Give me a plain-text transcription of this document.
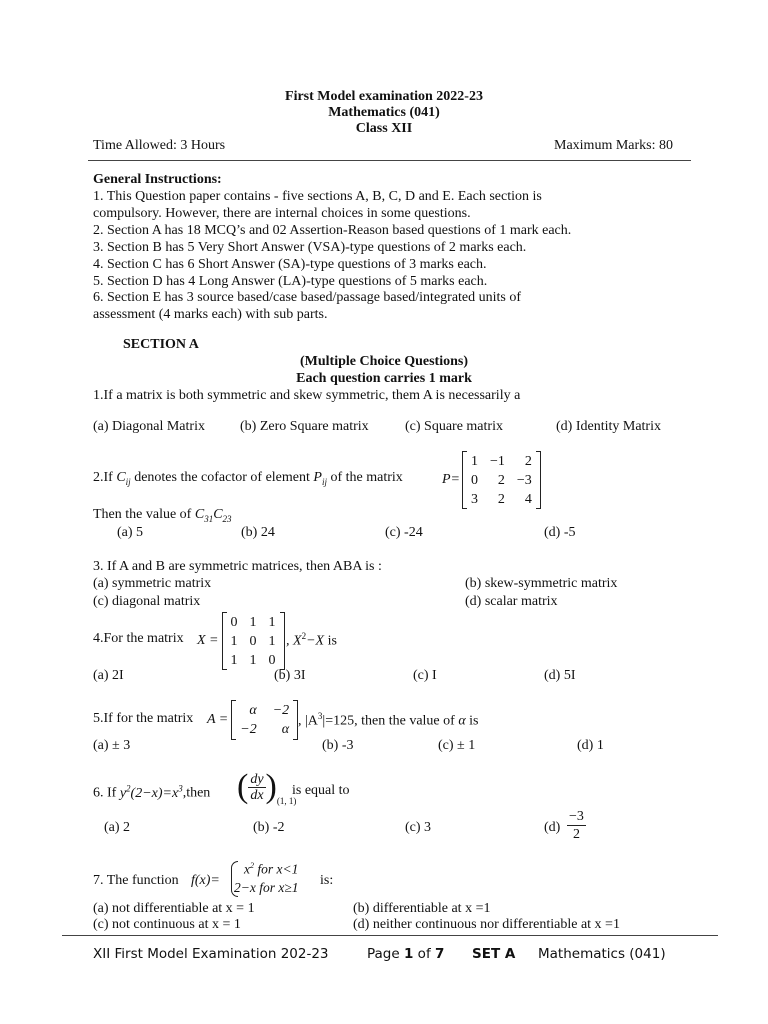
First Model examination 2022-23
Mathematics (041)
Class XII
Time Allowed: 3 Hours	Maximum Marks: 80
General Instructions:
1. This Question paper contains - five sections A, B, C, D and E. Each section is
compulsory. However, there are internal choices in some questions.
2. Section A has 18 MCQ’s and 02 Assertion-Reason based questions of 1 mark each.
3. Section B has 5 Very Short Answer (VSA)-type questions of 2 marks each.
4. Section C has 6 Short Answer (SA)-type questions of 3 marks each.
5. Section D has 4 Long Answer (LA)-type questions of 5 marks each.
6. Section E has 3 source based/case based/passage based/integrated units of
assessment (4 marks each) with sub parts.
SECTION A
(Multiple Choice Questions)
Each question carries 1 mark
1.If a matrix is both symmetric and skew symmetric, them A is necessarily a
(a) Diagonal Matrix	(b) Zero Square matrix	(c) Square matrix	(d) Identity Matrix
2.If $C_{ij}$ denotes the cofactor of element $P_{ij}$ of the matrix	P=
1 −1	2
0	2 −3
3	2	4
Then the value of $C_{31}C_{23}$
(a) 5	(b) 24	(c) -24	(d) -5
3. If A and B are symmetric matrices, then ABA is :
(a) symmetric matrix	(b) skew-symmetric matrix
(c) diagonal matrix	(d) scalar matrix
4.For the matrix X =
0 1 1
1 0 1
1 1 0
, $X^2-X$ is
(a) 2I	(b) 3I	(c) I	(d) 5I
5.If for the matrix A =
α −2
−2	α
, $|A^3|=125$, then the value of α is
(a) ± 3	(b) -3	(c) ± 1	(d) 1
6. If $y^2(2-x)=x^3,then$ ( $\frac{dy}{dx}$ ) (1, 1)
is equal to
(a) 2	(b) -2	(c) 3	$(d) \frac{-3}{2}$
7. The function f(x)=
$x^2$ for x<1
2−x for x≥1 is:
(a) not differentiable at x = 1	(b) differentiable at x =1
(c) not continuous at x = 1	(d) neither continuous nor differentiable at x =1
XII First Model Examination 202-23	Page 1 of 7 SET A Mathematics (041)
